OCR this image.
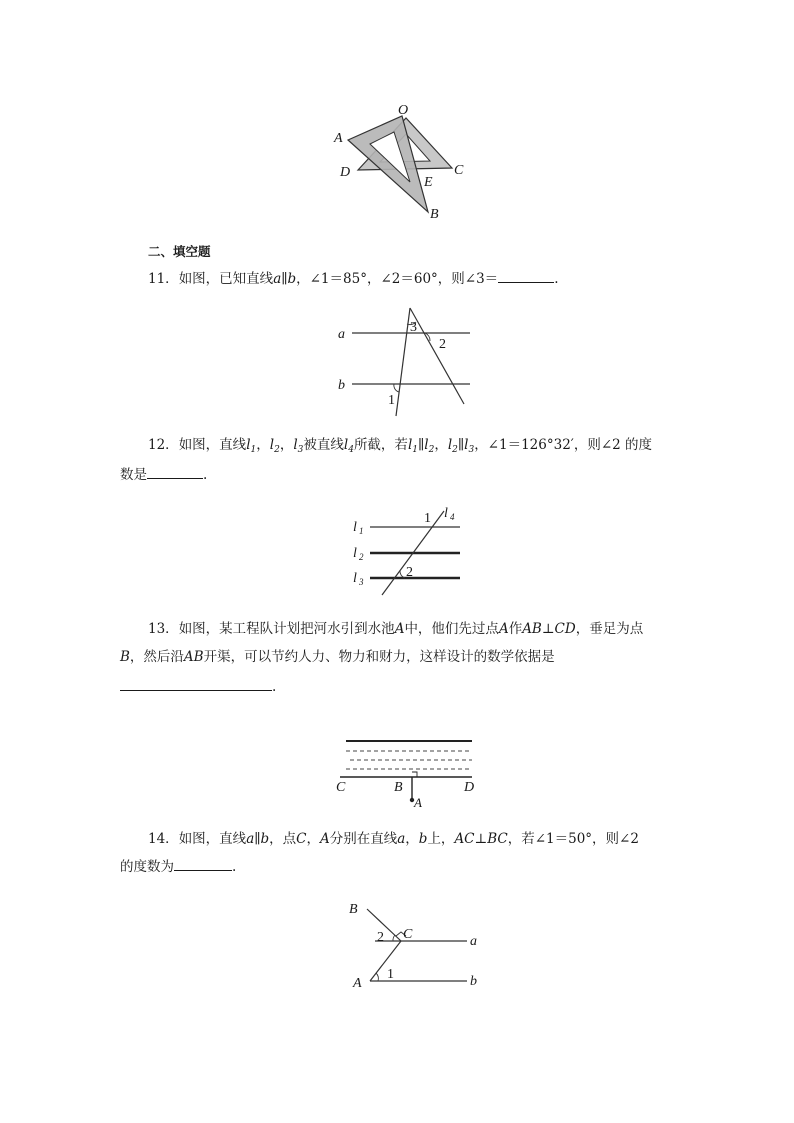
O
A
D	C
E
B
二、填空题
11．如图，已知直线a∥b，∠1＝85°，∠2＝60°，则∠3＝	.
a
b
3
2
1
12．如图，直线$l_1$，$l_2$，$l_3$被直线$l_4$所截，若$l_1\parallel l_2$，$l_2\parallel l_3$，∠1＝126°32′，则∠2 的度
数是	.
l 1
l 2
l 3
l 4
1
2
13．如图，某工程队计划把河水引到水池A中，他们先过点A作AB⊥CD，垂足为点
B，然后沿AB开渠，可以节约人力、物力和财力，这样设计的数学依据是
.
C	B	D
A
14．如图，直线a∥b，点C，A分别在直线a，b上，AC⊥BC，若∠1＝50°，则∠2
的度数为	.
B
C	a
A	b
1
2
